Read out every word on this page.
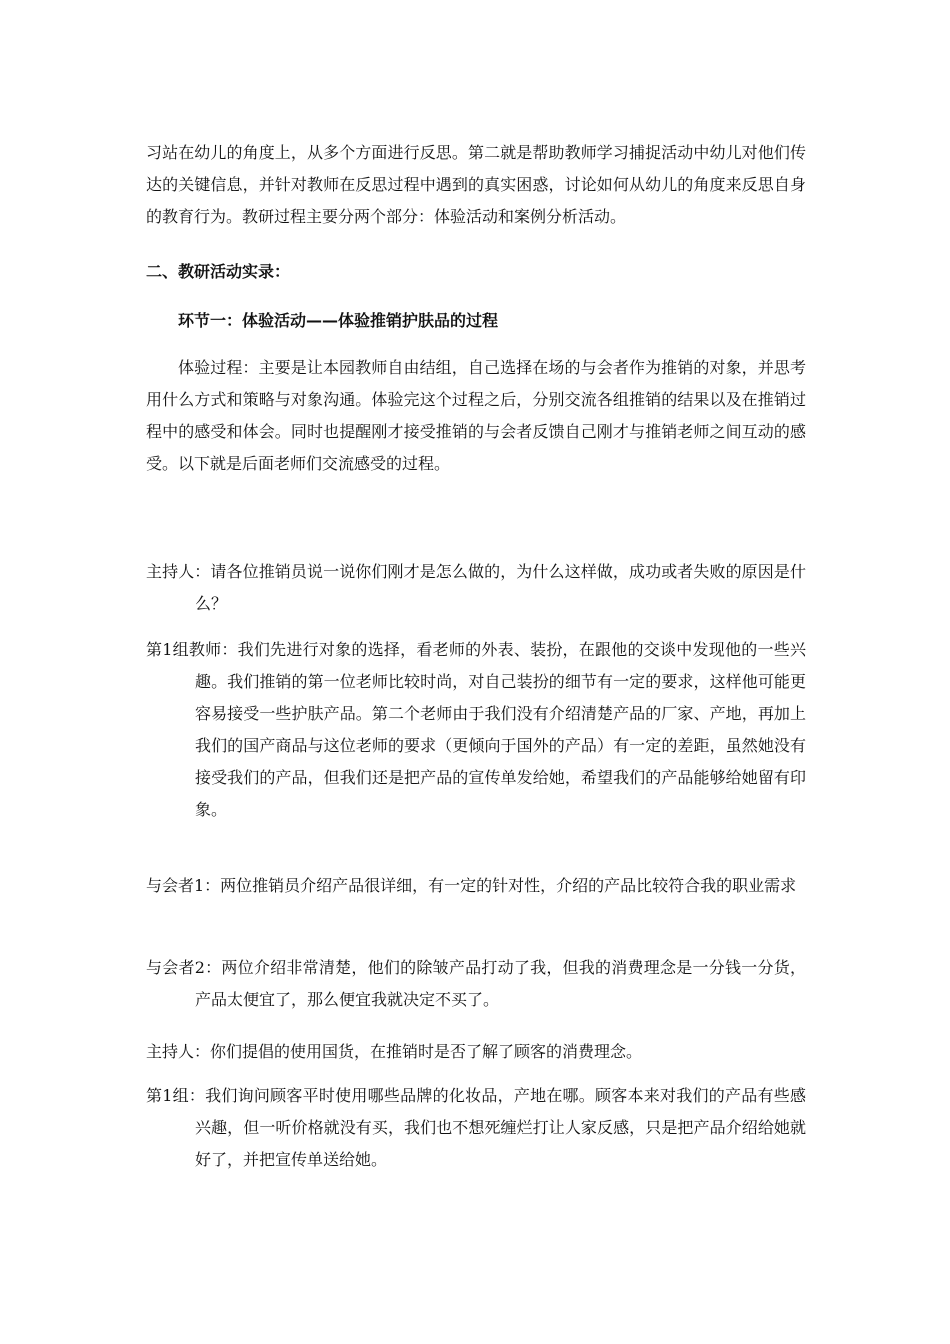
习站在幼儿的角度上，从多个方面进行反思。第二就是帮助教师学习捕捉活动中幼儿对他们传达的关键信息，并针对教师在反思过程中遇到的真实困惑，讨论如何从幼儿的角度来反思自身的教育行为。教研过程主要分两个部分：体验活动和案例分析活动。

二、教研活动实录：

环节一：体验活动——体验推销护肤品的过程

体验过程：主要是让本园教师自由结组，自己选择在场的与会者作为推销的对象，并思考用什么方式和策略与对象沟通。体验完这个过程之后，分别交流各组推销的结果以及在推销过程中的感受和体会。同时也提醒刚才接受推销的与会者反馈自己刚才与推销老师之间互动的感受。以下就是后面老师们交流感受的过程。

主持人：请各位推销员说一说你们刚才是怎么做的，为什么这样做，成功或者失败的原因是什么？

第1组教师：我们先进行对象的选择，看老师的外表、装扮，在跟他的交谈中发现他的一些兴趣。我们推销的第一位老师比较时尚，对自己装扮的细节有一定的要求，这样他可能更容易接受一些护肤产品。第二个老师由于我们没有介绍清楚产品的厂家、产地，再加上我们的国产商品与这位老师的要求（更倾向于国外的产品）有一定的差距，虽然她没有接受我们的产品，但我们还是把产品的宣传单发给她，希望我们的产品能够给她留有印象。

与会者1：两位推销员介绍产品很详细，有一定的针对性，介绍的产品比较符合我的职业需求

与会者2：两位介绍非常清楚，他们的除皱产品打动了我，但我的消费理念是一分钱一分货，产品太便宜了，那么便宜我就决定不买了。

主持人：你们提倡的使用国货，在推销时是否了解了顾客的消费理念。

第1组：我们询问顾客平时使用哪些品牌的化妆品，产地在哪。顾客本来对我们的产品有些感兴趣，但一听价格就没有买，我们也不想死缠烂打让人家反感，只是把产品介绍给她就好了，并把宣传单送给她。
